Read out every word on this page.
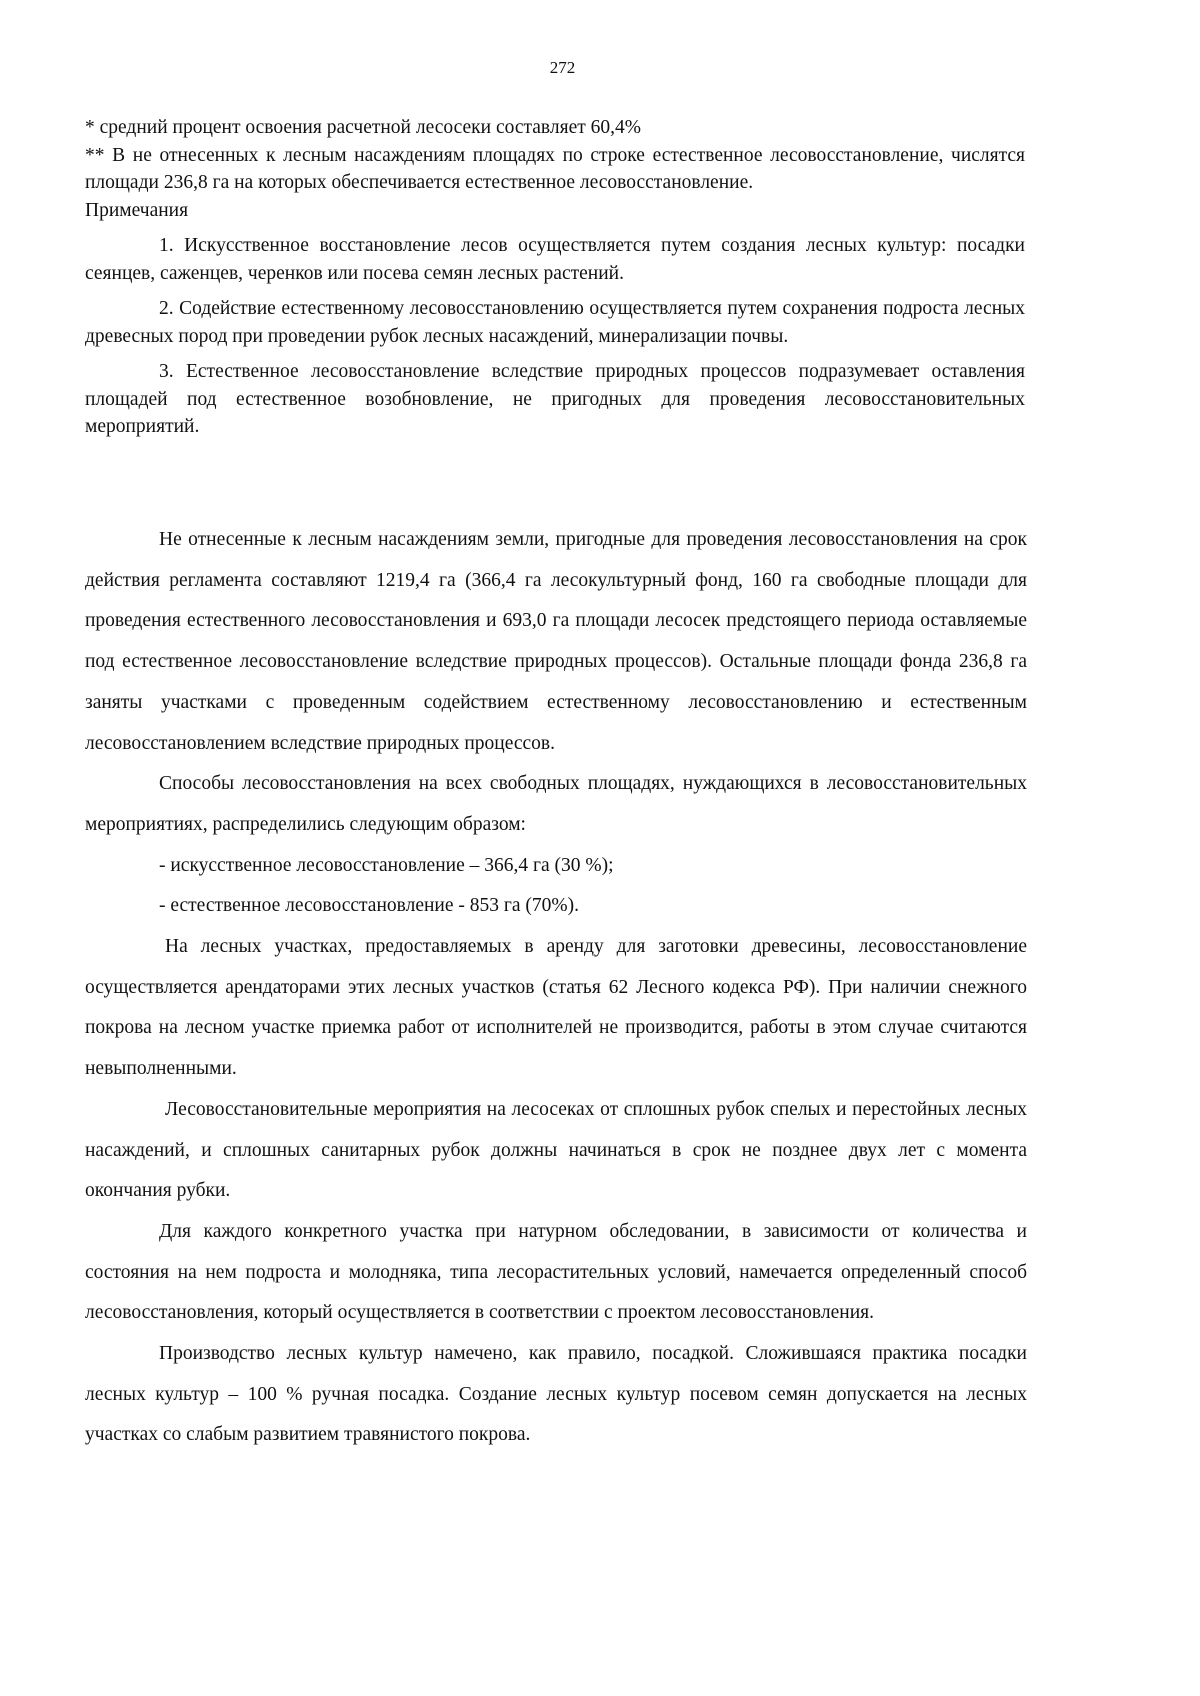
272

* средний процент освоения расчетной лесосеки составляет 60,4%

** В не отнесенных к лесным насаждениям площадях по строке естественное лесовосстановление, числятся площади 236,8 га на которых обеспечивается естественное лесовосстановление.

Примечания

1. Искусственное восстановление лесов осуществляется путем создания лесных культур: посадки сеянцев, саженцев, черенков или посева семян лесных растений.

2. Содействие естественному лесовосстановлению осуществляется путем сохранения подроста лесных древесных пород при проведении рубок лесных насаждений, минерализации почвы.

3. Естественное лесовосстановление вследствие природных процессов подразумевает оставления площадей под естественное возобновление, не пригодных для проведения лесовосстановительных мероприятий.

Не отнесенные к лесным насаждениям земли, пригодные для проведения лесовосстановления на срок действия регламента составляют 1219,4 га (366,4 га лесокультурный фонд, 160 га свободные площади для проведения естественного лесовосстановления и 693,0 га площади лесосек предстоящего периода оставляемые под естественное лесовосстановление вследствие природных процессов). Остальные площади фонда 236,8 га заняты участками с проведенным содействием естественному лесовосстановлению и естественным лесовосстановлением вследствие природных процессов.

Способы лесовосстановления на всех свободных площадях, нуждающихся в лесовосстановительных мероприятиях, распределились следующим образом:

- искусственное лесовосстановление – 366,4 га (30 %);

- естественное лесовосстановление - 853 га (70%).

На лесных участках, предоставляемых в аренду для заготовки древесины, лесовосстановление осуществляется арендаторами этих лесных участков (статья 62 Лесного кодекса РФ). При наличии снежного покрова на лесном участке приемка работ от исполнителей не производится, работы в этом случае считаются невыполненными.

Лесовосстановительные мероприятия на лесосеках от сплошных рубок спелых и перестойных лесных насаждений, и сплошных санитарных рубок должны начинаться в срок не позднее двух лет с момента окончания рубки.

Для каждого конкретного участка при натурном обследовании, в зависимости от количества и состояния на нем подроста и молодняка, типа лесорастительных условий, намечается определенный способ лесовосстановления, который осуществляется в соответствии с проектом лесовосстановления.

Производство лесных культур намечено, как правило, посадкой. Сложившаяся практика посадки лесных культур – 100 % ручная посадка. Создание лесных культур посевом семян допускается на лесных участках со слабым развитием травянистого покрова.
